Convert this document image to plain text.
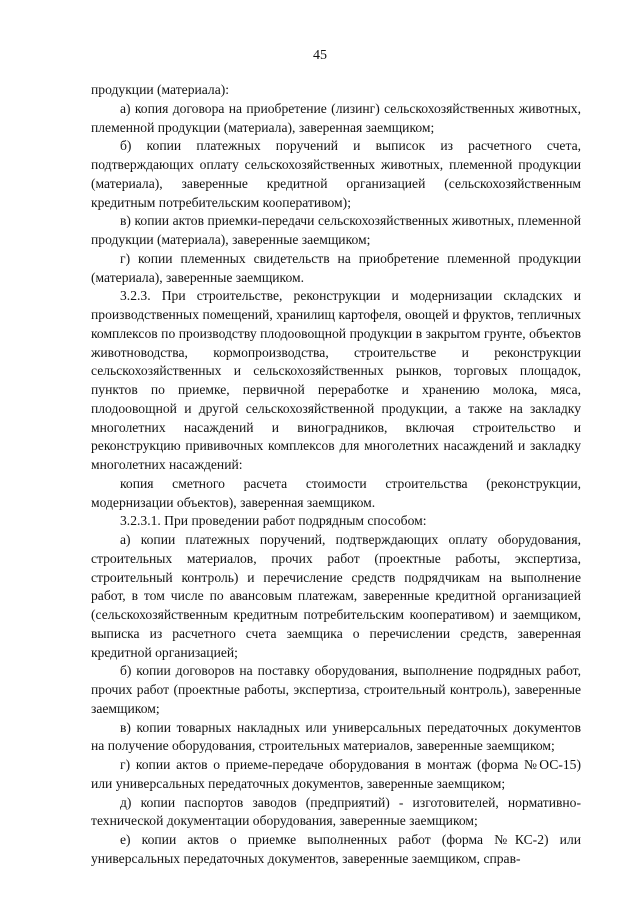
45

продукции (материала):

а) копия договора на приобретение (лизинг) сельскохозяйственных животных, племенной продукции (материала), заверенная заемщиком;

б) копии платежных поручений и выписок из расчетного счета, подтверждающих оплату сельскохозяйственных животных, племенной продукции (материала), заверенные кредитной организацией (сельскохозяйственным кредитным потребительским кооперативом);

в) копии актов приемки-передачи сельскохозяйственных животных, племенной продукции (материала), заверенные заемщиком;

г) копии племенных свидетельств на приобретение племенной продукции (материала), заверенные заемщиком.

3.2.3. При строительстве, реконструкции и модернизации складских и производственных помещений, хранилищ картофеля, овощей и фруктов, тепличных комплексов по производству плодоовощной продукции в закрытом грунте, объектов животноводства, кормопроизводства, строительстве и реконструкции сельскохозяйственных и сельскохозяйственных рынков, торговых площадок, пунктов по приемке, первичной переработке и хранению молока, мяса, плодоовощной и другой сельскохозяйственной продукции, а также на закладку многолетних насаждений и виноградников, включая строительство и реконструкцию прививочных комплексов для многолетних насаждений и закладку многолетних насаждений:

копия сметного расчета стоимости строительства (реконструкции, модернизации объектов), заверенная заемщиком.

3.2.3.1. При проведении работ подрядным способом:

а) копии платежных поручений, подтверждающих оплату оборудования, строительных материалов, прочих работ (проектные работы, экспертиза, строительный контроль) и перечисление средств подрядчикам на выполнение работ, в том числе по авансовым платежам, заверенные кредитной организацией (сельскохозяйственным кредитным потребительским кооперативом) и заемщиком, выписка из расчетного счета заемщика о перечислении средств, заверенная кредитной организацией;

б) копии договоров на поставку оборудования, выполнение подрядных работ, прочих работ (проектные работы, экспертиза, строительный контроль), заверенные заемщиком;

в) копии товарных накладных или универсальных передаточных документов на получение оборудования, строительных материалов, заверенные заемщиком;

г) копии актов о приеме-передаче оборудования в монтаж (форма №ОС-15) или универсальных передаточных документов, заверенные заемщиком;

д) копии паспортов заводов (предприятий) - изготовителей, нормативно-технической документации оборудования, заверенные заемщиком;

е) копии актов о приемке выполненных работ (форма №КС-2) или универсальных передаточных документов, заверенные заемщиком, справ-
